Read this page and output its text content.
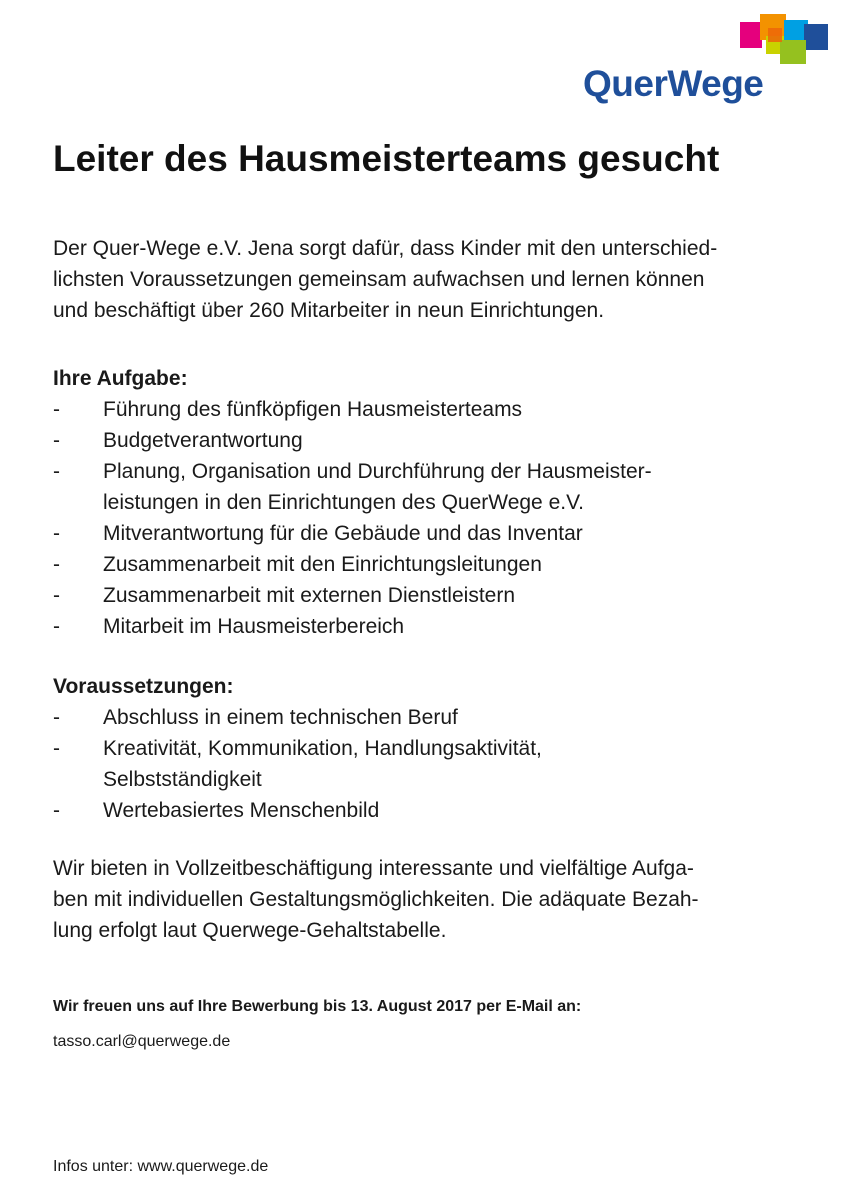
QuerWege
Leiter des Hausmeisterteams gesucht

Der Quer-Wege e.V. Jena sorgt dafür, dass Kinder mit den unterschied-
lichsten Voraussetzungen gemeinsam aufwachsen und lernen können
und beschäftigt über 260 Mitarbeiter in neun Einrichtungen.

Ihre Aufgabe:
- Führung des fünfköpfigen Hausmeisterteams
- Budgetverantwortung
- Planung, Organisation und Durchführung der Hausmeister-leistungen in den Einrichtungen des QuerWege e.V.
- Mitverantwortung für die Gebäude und das Inventar
- Zusammenarbeit mit den Einrichtungsleitungen
- Zusammenarbeit mit externen Dienstleistern
- Mitarbeit im Hausmeisterbereich
Voraussetzungen:
- Abschluss in einem technischen Beruf
- Kreativität, Kommunikation, Handlungsaktivität, Selbstständigkeit
- Wertebasiertes Menschenbild

Wir bieten in Vollzeitbeschäftigung interessante und vielfältige Aufga-
ben mit individuellen Gestaltungsmöglichkeiten. Die adäquate Bezah-
lung erfolgt laut Querwege-Gehaltstabelle.

Wir freuen uns auf Ihre Bewerbung bis 13. August 2017 per E-Mail an:

tasso.carl@querwege.de

Infos unter: www.querwege.de
